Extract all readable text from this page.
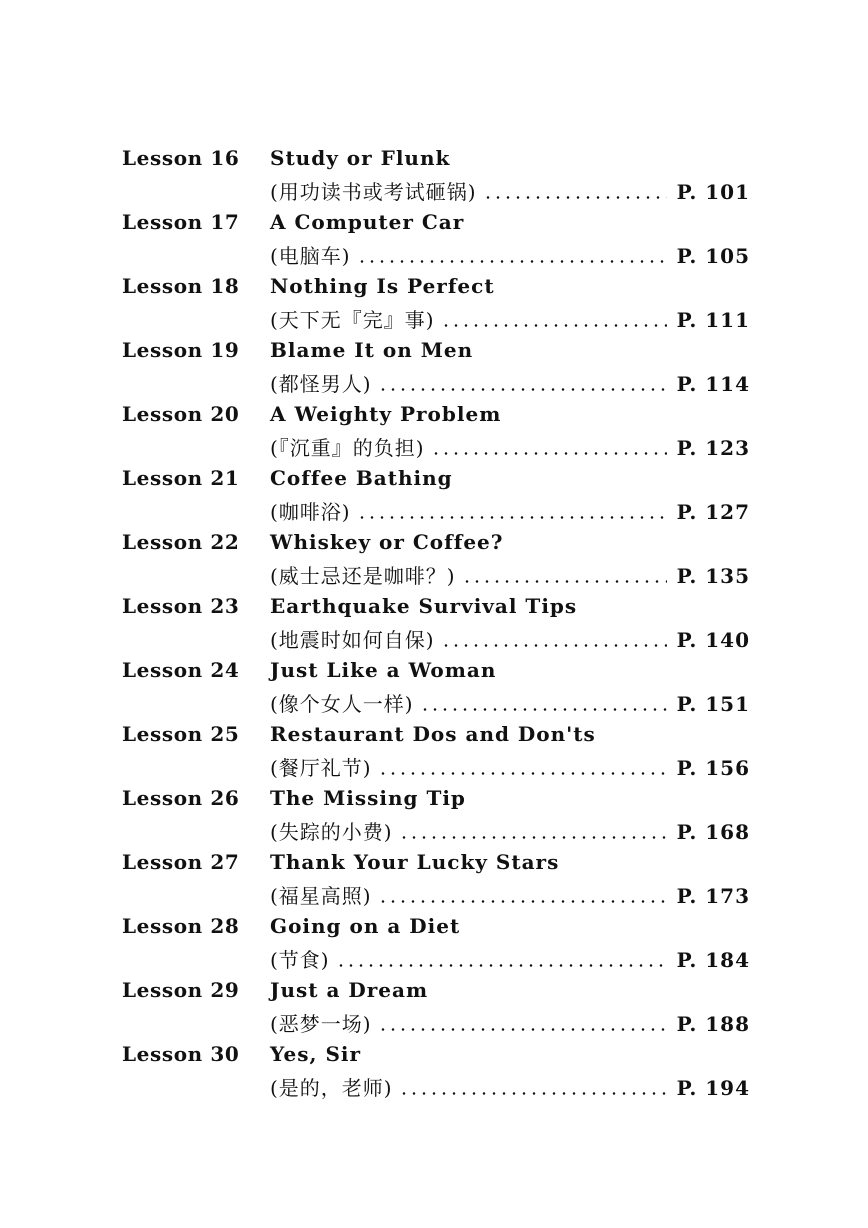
Lesson 16	Study or Flunk
(用功读书或考试砸锅)	P. 101
Lesson 17	A Computer Car
(电脑车)	P. 105
Lesson 18	Nothing Is Perfect
(天下无『完』事)	P. 111
Lesson 19	Blame It on Men
(都怪男人)	P. 114
Lesson 20	A Weighty Problem
(『沉重』的负担)	P. 123
Lesson 21	Coffee Bathing
(咖啡浴)	P. 127
Lesson 22	Whiskey or Coffee?
(威士忌还是咖啡？)	P. 135
Lesson 23	Earthquake Survival Tips
(地震时如何自保)	P. 140
Lesson 24	Just Like a Woman
(像个女人一样)	P. 151
Lesson 25	Restaurant Dos and Don'ts
(餐厅礼节)	P. 156
Lesson 26	The Missing Tip
(失踪的小费)	P. 168
Lesson 27	Thank Your Lucky Stars
(福星高照)	P. 173
Lesson 28	Going on a Diet
(节食)	P. 184
Lesson 29	Just a Dream
(恶梦一场)	P. 188
Lesson 30	Yes, Sir
(是的，老师)	P. 194
